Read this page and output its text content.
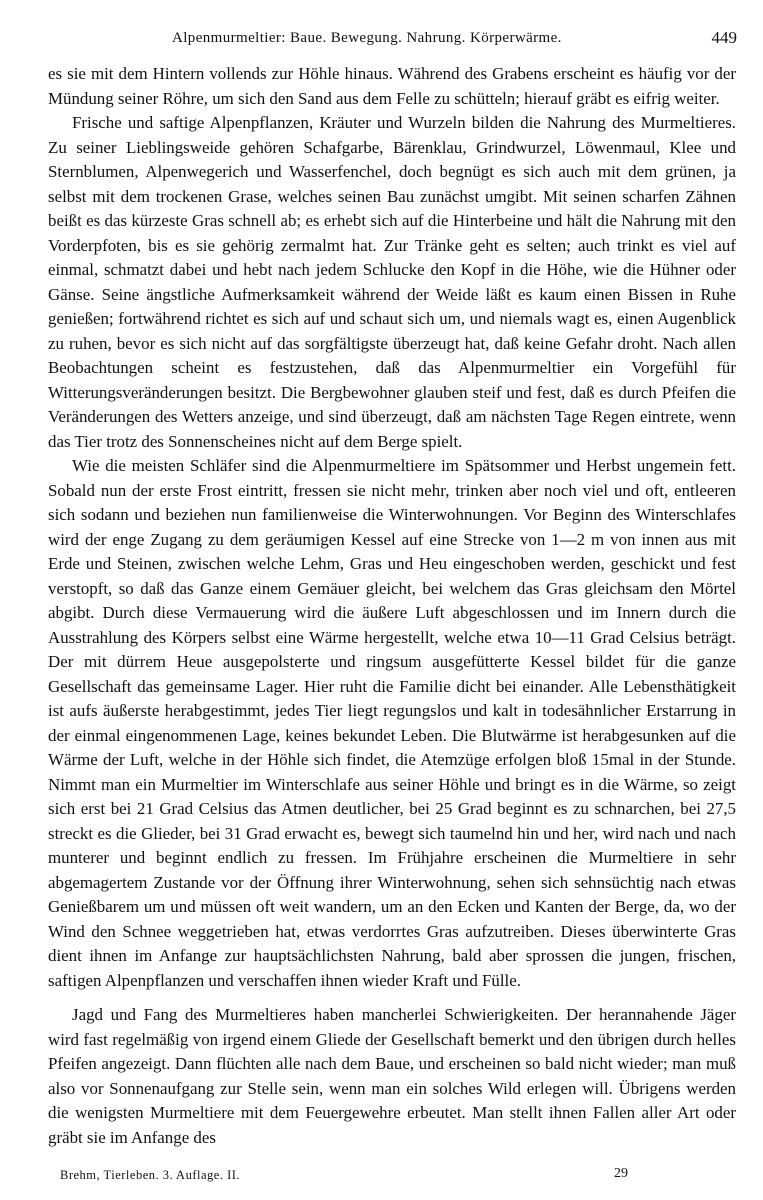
Alpenmurmeltier: Baue. Bewegung. Nahrung. Körperwärme.	449

es sie mit dem Hintern vollends zur Höhle hinaus. Während des Grabens erscheint es häufig vor der Mündung seiner Röhre, um sich den Sand aus dem Felle zu schütteln; hierauf gräbt es eifrig weiter.

Frische und saftige Alpenpflanzen, Kräuter und Wurzeln bilden die Nahrung des Murmeltieres. Zu seiner Lieblingsweide gehören Schafgarbe, Bärenklau, Grindwurzel, Löwenmaul, Klee und Sternblumen, Alpenwegerich und Wasserfenchel, doch begnügt es sich auch mit dem grünen, ja selbst mit dem trockenen Grase, welches seinen Bau zunächst umgibt. Mit seinen scharfen Zähnen beißt es das kürzeste Gras schnell ab; es erhebt sich auf die Hinterbeine und hält die Nahrung mit den Vorderpfoten, bis es sie gehörig zermalmt hat. Zur Tränke geht es selten; auch trinkt es viel auf einmal, schmatzt dabei und hebt nach jedem Schlucke den Kopf in die Höhe, wie die Hühner oder Gänse. Seine ängstliche Aufmerksamkeit während der Weide läßt es kaum einen Bissen in Ruhe genießen; fortwährend richtet es sich auf und schaut sich um, und niemals wagt es, einen Augenblick zu ruhen, bevor es sich nicht auf das sorgfältigste überzeugt hat, daß keine Gefahr droht. Nach allen Beobachtungen scheint es festzustehen, daß das Alpenmurmeltier ein Vorgefühl für Witterungsveränderungen besitzt. Die Bergbewohner glauben steif und fest, daß es durch Pfeifen die Veränderungen des Wetters anzeige, und sind überzeugt, daß am nächsten Tage Regen eintrete, wenn das Tier trotz des Sonnenscheines nicht auf dem Berge spielt.

Wie die meisten Schläfer sind die Alpenmurmeltiere im Spätsommer und Herbst ungemein fett. Sobald nun der erste Frost eintritt, fressen sie nicht mehr, trinken aber noch viel und oft, entleeren sich sodann und beziehen nun familienweise die Winterwohnungen. Vor Beginn des Winterschlafes wird der enge Zugang zu dem geräumigen Kessel auf eine Strecke von 1—2 m von innen aus mit Erde und Steinen, zwischen welche Lehm, Gras und Heu eingeschoben werden, geschickt und fest verstopft, so daß das Ganze einem Gemäuer gleicht, bei welchem das Gras gleichsam den Mörtel abgibt. Durch diese Vermauerung wird die äußere Luft abgeschlossen und im Innern durch die Ausstrahlung des Körpers selbst eine Wärme hergestellt, welche etwa 10—11 Grad Celsius beträgt. Der mit dürrem Heue ausgepolsterte und ringsum ausgefütterte Kessel bildet für die ganze Gesellschaft das gemeinsame Lager. Hier ruht die Familie dicht bei einander. Alle Lebensthätigkeit ist aufs äußerste herabgestimmt, jedes Tier liegt regungslos und kalt in todesähnlicher Erstarrung in der einmal eingenommenen Lage, keines bekundet Leben. Die Blutwärme ist herabgesunken auf die Wärme der Luft, welche in der Höhle sich findet, die Atemzüge erfolgen bloß 15mal in der Stunde. Nimmt man ein Murmeltier im Winterschlafe aus seiner Höhle und bringt es in die Wärme, so zeigt sich erst bei 21 Grad Celsius das Atmen deutlicher, bei 25 Grad beginnt es zu schnarchen, bei 27,5 streckt es die Glieder, bei 31 Grad erwacht es, bewegt sich taumelnd hin und her, wird nach und nach munterer und beginnt endlich zu fressen. Im Frühjahre erscheinen die Murmeltiere in sehr abgemagertem Zustande vor der Öffnung ihrer Winterwohnung, sehen sich sehnsüchtig nach etwas Genießbarem um und müssen oft weit wandern, um an den Ecken und Kanten der Berge, da, wo der Wind den Schnee weggetrieben hat, etwas verdorrtes Gras aufzutreiben. Dieses überwinterte Gras dient ihnen im Anfange zur hauptsächlichsten Nahrung, bald aber sprossen die jungen, frischen, saftigen Alpenpflanzen und verschaffen ihnen wieder Kraft und Fülle.

Jagd und Fang des Murmeltieres haben mancherlei Schwierigkeiten. Der herannahende Jäger wird fast regelmäßig von irgend einem Gliede der Gesellschaft bemerkt und den übrigen durch helles Pfeifen angezeigt. Dann flüchten alle nach dem Baue, und erscheinen so bald nicht wieder; man muß also vor Sonnenaufgang zur Stelle sein, wenn man ein solches Wild erlegen will. Übrigens werden die wenigsten Murmeltiere mit dem Feuergewehre erbeutet. Man stellt ihnen Fallen aller Art oder gräbt sie im Anfange des

Brehm, Tierleben. 3. Auflage. II.	29
